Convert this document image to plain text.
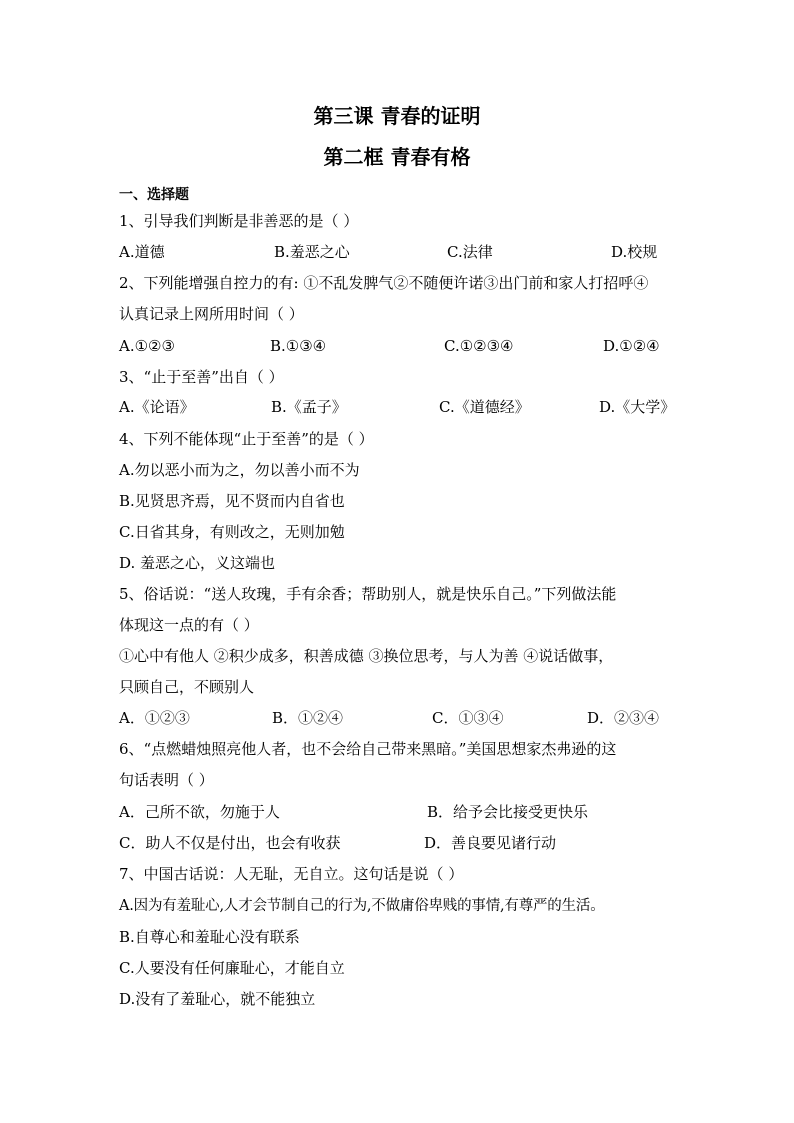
第三课 青春的证明
第二框 青春有格
一、选择题
1、引导我们判断是非善恶的是（ ）
A.道德	B.羞恶之心	C.法律	D.校规
2、下列能增强自控力的有: ①不乱发脾气②不随便许诺③出门前和家人打招呼④
认真记录上网所用时间（ ）
A.①②③	B.①③④	C.①②③④	D.①②④
3、“止于至善”出自（ ）
A.《论语》	B.《孟子》	C.《道德经》	D.《大学》
4、下列不能体现“止于至善”的是（ ）
A.勿以恶小而为之，勿以善小而不为
B.见贤思齐焉，见不贤而内自省也
C.日省其身，有则改之，无则加勉
D. 羞恶之心，义这端也
5、俗话说：“送人玫瑰，手有余香；帮助别人，就是快乐自己。”下列做法能
体现这一点的有（ ）
①心中有他人 ②积少成多，积善成德 ③换位思考，与人为善 ④说话做事，
只顾自己，不顾别人
A．①②③	B．①②④	C．①③④	D．②③④
6、“点燃蜡烛照亮他人者，也不会给自己带来黑暗。”美国思想家杰弗逊的这
句话表明（ ）
A．己所不欲，勿施于人	B．给予会比接受更快乐
C．助人不仅是付出，也会有收获	D．善良要见诸行动
7、中国古话说：人无耻，无自立。这句话是说（ ）
A.因为有羞耻心,人才会节制自己的行为,不做庸俗卑贱的事情,有尊严的生活。
B.自尊心和羞耻心没有联系
C.人要没有任何廉耻心，才能自立
D.没有了羞耻心，就不能独立
